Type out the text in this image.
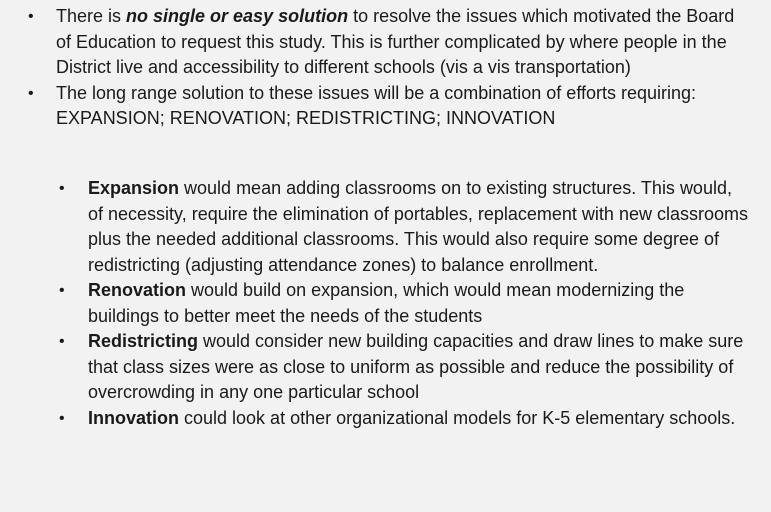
• There is no single or easy solution to resolve the issues which motivated the Board of Education to request this study. This is further complicated by where people in the District live and accessibility to different schools (vis a vis transportation)
• The long range solution to these issues will be a combination of efforts requiring: EXPANSION; RENOVATION; REDISTRICTING; INNOVATION
• Expansion would mean adding classrooms on to existing structures. This would, of necessity, require the elimination of portables, replacement with new classrooms plus the needed additional classrooms. This would also require some degree of redistricting (adjusting attendance zones) to balance enrollment.
• Renovation would build on expansion, which would mean modernizing the buildings to better meet the needs of the students
• Redistricting would consider new building capacities and draw lines to make sure that class sizes were as close to uniform as possible and reduce the possibility of overcrowding in any one particular school
• Innovation could look at other organizational models for K-5 elementary schools.
